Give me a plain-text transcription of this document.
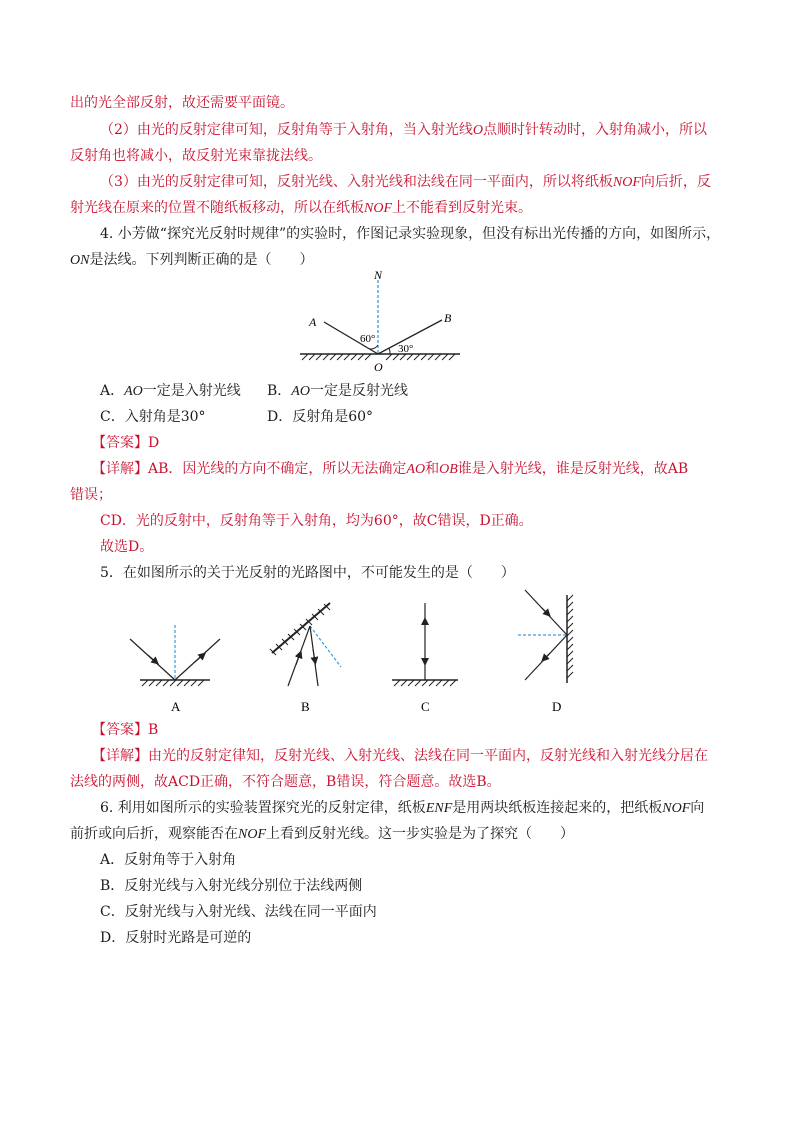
出的光全部反射，故还需要平面镜。
（2）由光的反射定律可知，反射角等于入射角，当入射光线O点顺时针转动时，入射角减小，所以
反射角也将减小，故反射光束靠拢法线。
（3）由光的反射定律可知，反射光线、入射光线和法线在同一平面内，所以将纸板NOF向后折，反
射光线在原来的位置不随纸板移动，所以在纸板NOF上不能看到反射光束。
4. 小芳做“探究光反射时规律”的实验时，作图记录实验现象，但没有标出光传播的方向，如图所示，
ON是法线。下列判断正确的是（　　）
N
A	B
O
60°
30°
A．AO一定是入射光线 B．AO一定是反射光线
C．入射角是30°	D．反射角是60°
【答案】D
【详解】AB．因光线的方向不确定，所以无法确定AO和OB谁是入射光线，谁是反射光线，故AB
错误；
CD．光的反射中，反射角等于入射角，均为60°，故C错误，D正确。
故选D。
5．在如图所示的关于光反射的光路图中，不可能发生的是（　　）
A	B	C	D
【答案】B
【详解】由光的反射定律知，反射光线、入射光线、法线在同一平面内，反射光线和入射光线分居在
法线的两侧，故ACD正确，不符合题意，B错误，符合题意。故选B。
6. 利用如图所示的实验装置探究光的反射定律，纸板ENF是用两块纸板连接起来的，把纸板NOF向
前折或向后折，观察能否在NOF上看到反射光线。这一步实验是为了探究（　　）
A．反射角等于入射角
B．反射光线与入射光线分别位于法线两侧
C．反射光线与入射光线、法线在同一平面内
D．反射时光路是可逆的
